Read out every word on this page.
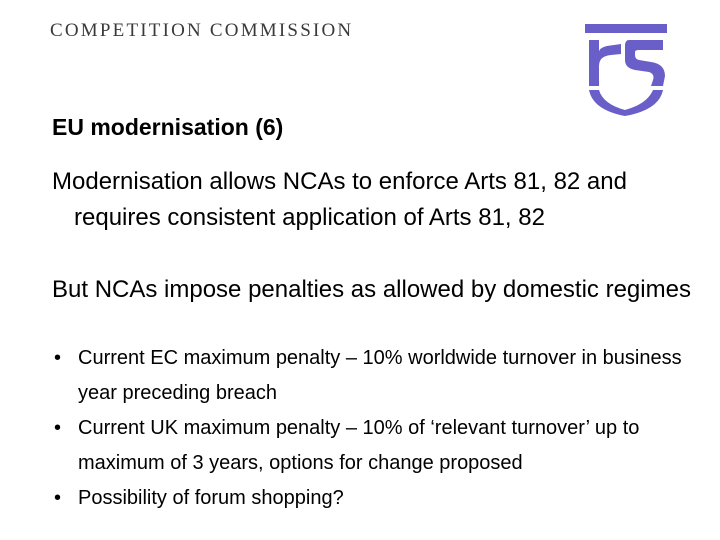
COMPETITION COMMISSION
EU modernisation (6)
Modernisation allows NCAs to enforce Arts 81, 82 and requires consistent application of Arts 81, 82
But NCAs impose penalties as allowed by domestic regimes
• Current EC maximum penalty – 10% worldwide turnover in business year preceding breach
• Current UK maximum penalty – 10% of ‘relevant turnover’ up to maximum of 3 years, options for change proposed
• Possibility of forum shopping?
